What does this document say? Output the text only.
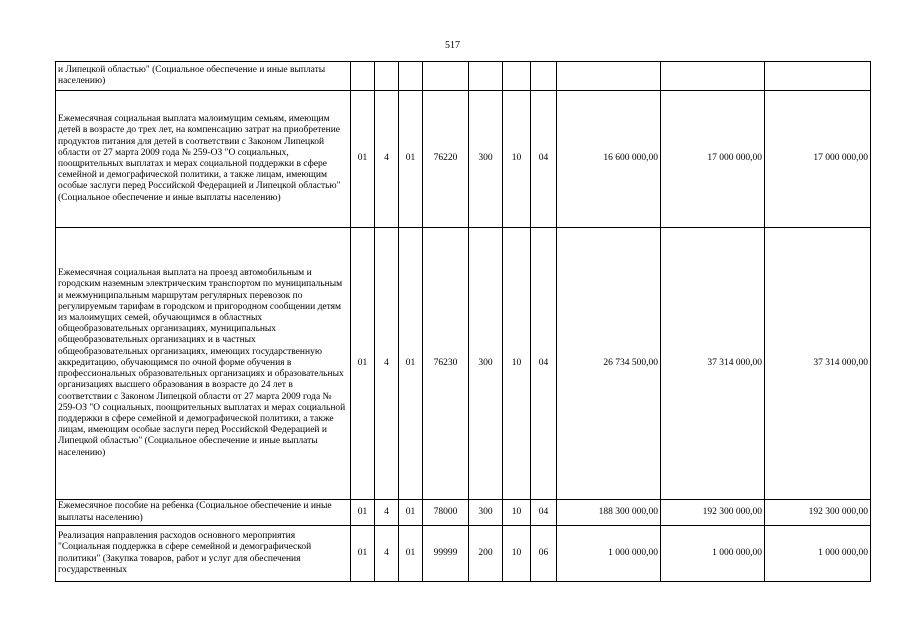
517
и Липецкой областью" (Социальное обеспечение и иные выплаты населению)										
Ежемесячная социальная выплата малоимущим семьям, имеющим детей в возрасте до трех лет, на компенсацию затрат на приобретение продуктов питания для детей в соответствии с Законом Липецкой области от 27 марта 2009 года № 259-ОЗ "О социальных, поощрительных выплатах и мерах социальной поддержки в сфере семейной и демографической политики, а также лицам, имеющим особые заслуги перед Российской Федерацией и Липецкой областью" (Социальное обеспечение и иные выплаты населению)	01	4	01	76220	300	10	04	16 600 000,00	17 000 000,00	17 000 000,00
Ежемесячная социальная выплата на проезд автомобильным и городским наземным электрическим транспортом по муниципальным и межмуниципальным маршрутам регулярных перевозок по регулируемым тарифам в городском и пригородном сообщении детям из малоимущих семей, обучающимся в областных общеобразовательных организациях, муниципальных общеобразовательных организациях и в частных общеобразовательных организациях, имеющих государственную аккредитацию, обучающимся по очной форме обучения в профессиональных образовательных организациях и образовательных организациях высшего образования в возрасте до 24 лет в соответствии с Законом Липецкой области от 27 марта 2009 года № 259-ОЗ "О социальных, поощрительных выплатах и мерах социальной поддержки в сфере семейной и демографической политики, а также лицам, имеющим особые заслуги перед Российской Федерацией и Липецкой областью" (Социальное обеспечение и иные выплаты населению)	01	4	01	76230	300	10	04	26 734 500,00	37 314 000,00	37 314 000,00
Ежемесячное пособие на ребенка (Социальное обеспечение и иные выплаты населению)	01	4	01	78000	300	10	04	188 300 000,00	192 300 000,00	192 300 000,00
Реализация направления расходов основного мероприятия "Социальная поддержка в сфере семейной и демографической политики" (Закупка товаров, работ и услуг для обеспечения государственных	01	4	01	99999	200	10	06	1 000 000,00	1 000 000,00	1 000 000,00
